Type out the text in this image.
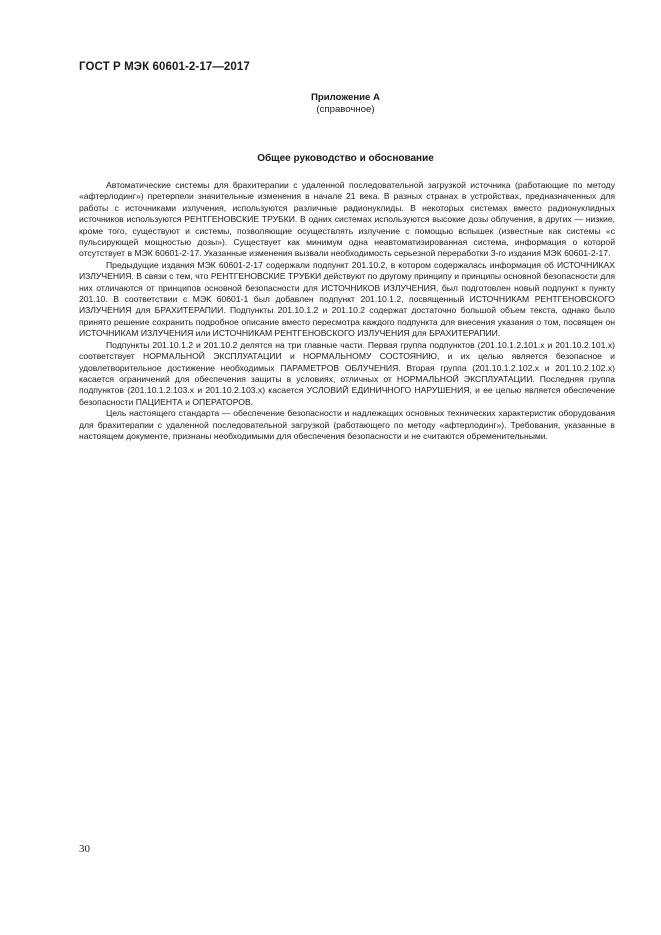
ГОСТ Р МЭК 60601-2-17—2017
Приложение A
(справочное)
Общее руководство и обоснование

Автоматические системы для брахитерапии с удаленной последовательной загрузкой источника (работающие по методу «афтерлодинг») претерпели значительные изменения в начале 21 века. В разных странах в устройствах, предназначенных для работы с источниками излучения, используются различные радионуклиды. В некоторых системах вместо радионуклидных источников используются РЕНТГЕНОВСКИЕ ТРУБКИ. В одних системах используются высокие дозы облучения, в других — низкие, кроме того, существуют и системы, позволяющие осуществлять излучение с помощью вспышек (известные как системы «с пульсирующей мощностью дозы»). Существует как минимум одна неавтоматизированная система, информация о которой отсутствует в МЭК 60601-2-17. Указанные изменения вызвали необходимость серьезной переработки 3-го издания МЭК 60601-2-17.

Предыдущие издания МЭК 60601-2-17 содержали подпункт 201.10.2, в котором содержалась информация об ИСТОЧНИКАХ ИЗЛУЧЕНИЯ. В связи с тем, что РЕНТГЕНОВСКИЕ ТРУБКИ действуют по другому принципу и принципы основной безопасности для них отличаются от принципов основной безопасности для ИСТОЧНИКОВ ИЗЛУЧЕНИЯ, был подготовлен новый подпункт к пункту 201.10. В соответствии с МЭК 60601-1 был добавлен подпункт 201.10.1.2, посвященный ИСТОЧНИКАМ РЕНТГЕНОВСКОГО ИЗЛУЧЕНИЯ для БРАХИТЕРАПИИ. Подпункты 201.10.1.2 и 201.10.2 содержат достаточно большой объем текста, однако было принято решение сохранить подробное описание вместо пересмотра каждого подпункта для внесения указания о том, посвящен он ИСТОЧНИКАМ ИЗЛУЧЕНИЯ или ИСТОЧНИКАМ РЕНТГЕНОВСКОГО ИЗЛУЧЕНИЯ для БРАХИТЕРАПИИ.

Подпункты 201.10.1.2 и 201.10.2 делятся на три главные части. Первая группа подпунктов (201.10.1.2.101.x и 201.10.2.101.x) соответствует НОРМАЛЬНОЙ ЭКСПЛУАТАЦИИ и НОРМАЛЬНОМУ СОСТОЯНИЮ, и их целью является безопасное и удовлетворительное достижение необходимых ПАРАМЕТРОВ ОБЛУЧЕНИЯ. Вторая группа (201.10.1.2.102.x и 201.10.2.102.x) касается ограничений для обеспечения защиты в условиях, отличных от НОРМАЛЬНОЙ ЭКСПЛУАТАЦИИ. Последняя группа подпунктов (201.10.1.2.103.x и 201.10.2.103.x) касается УСЛОВИЙ ЕДИНИЧНОГО НАРУШЕНИЯ, и ее целью является обеспечение безопасности ПАЦИЕНТА и ОПЕРАТОРОВ.

Цель настоящего стандарта — обеспечение безопасности и надлежащих основных технических характеристик оборудования для брахитерапии с удаленной последовательной загрузкой (работающего по методу «афтерлодинг»). Требования, указанные в настоящем документе, признаны необходимыми для обеспечения безопасности и не считаются обременительными.

30
